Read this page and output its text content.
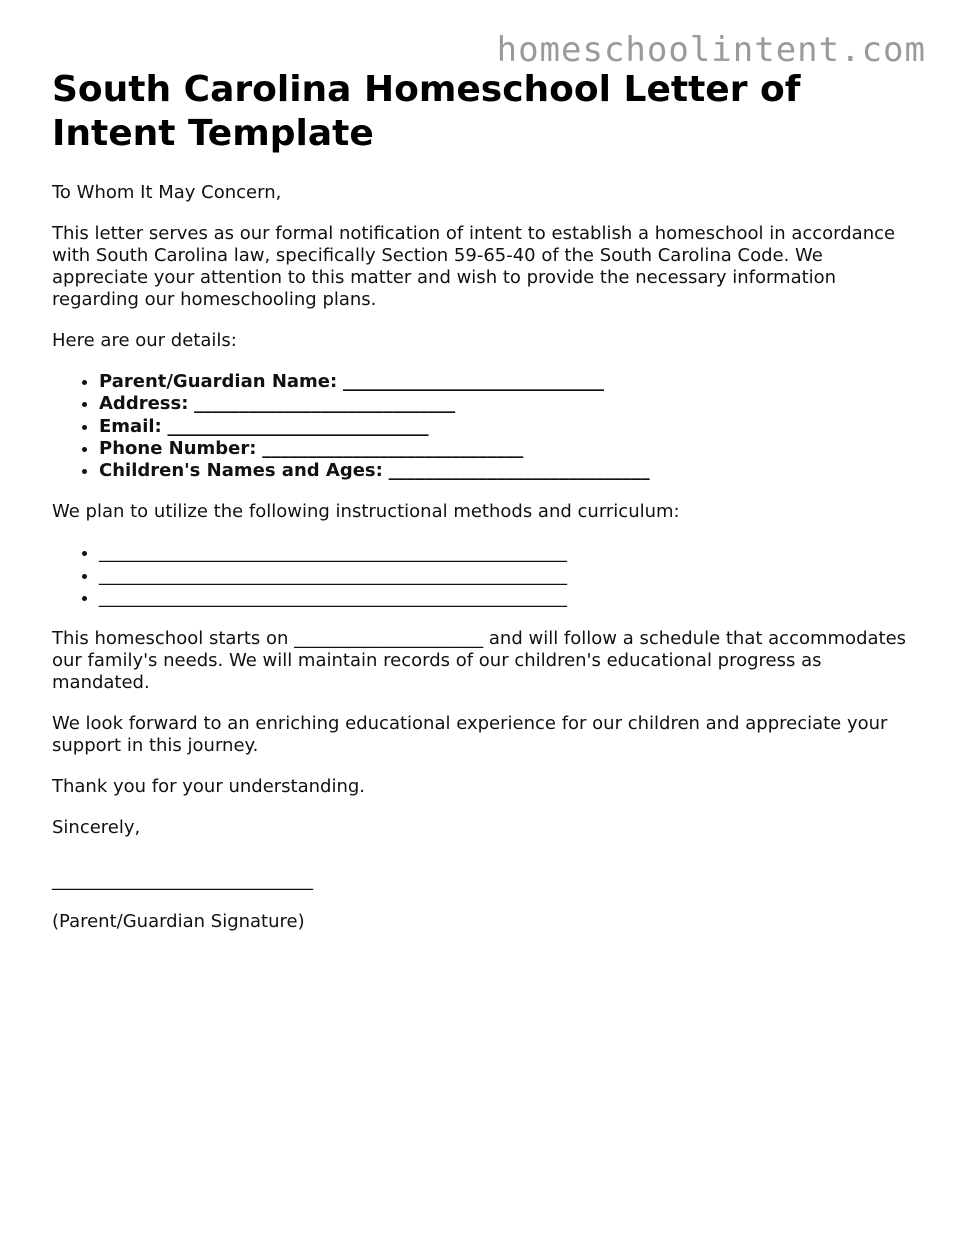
homeschoolintent.com
South Carolina Homeschool Letter of Intent Template

To Whom It May Concern,

This letter serves as our formal notification of intent to establish a homeschool in accordance with South Carolina law, specifically Section 59-65-40 of the South Carolina Code. We appreciate your attention to this matter and wish to provide the necessary information regarding our homeschooling plans.

Here are our details:

• Parent/Guardian Name: _____________________________
• Address: _____________________________
• Email: _____________________________
• Phone Number: _____________________________
• Children's Names and Ages: _____________________________

We plan to utilize the following instructional methods and curriculum:

• ____________________________________________________
• ____________________________________________________
• ____________________________________________________

This homeschool starts on _____________________ and will follow a schedule that accommodates our family's needs. We will maintain records of our children's educational progress as mandated.

We look forward to an enriching educational experience for our children and appreciate your support in this journey.

Thank you for your understanding.

Sincerely,

_____________________________

(Parent/Guardian Signature)
